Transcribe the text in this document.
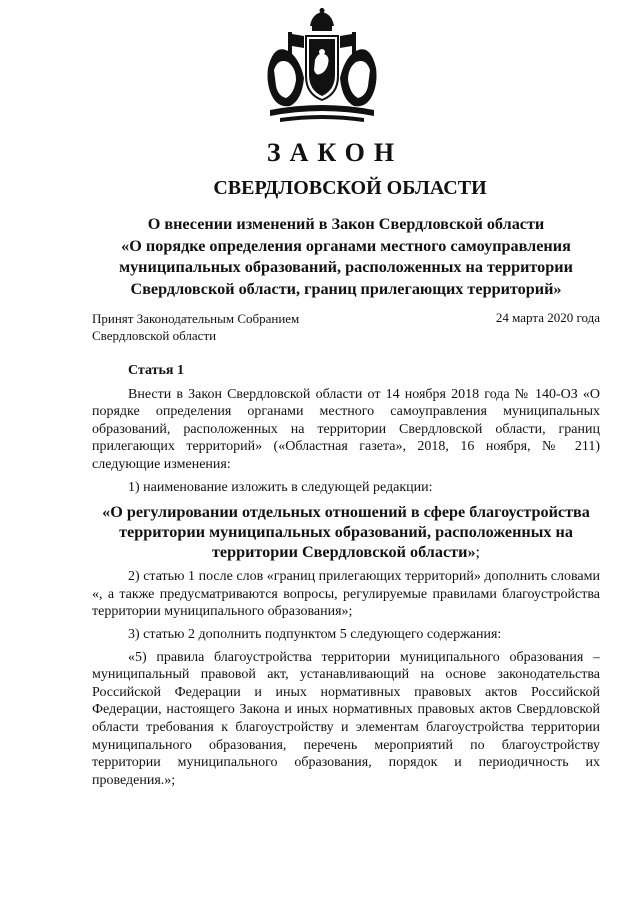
ЗАКОН
СВЕРДЛОВСКОЙ ОБЛАСТИ
О внесении изменений в Закон Свердловской области
«О порядке определения органами местного самоуправления
муниципальных образований, расположенных на территории
Свердловской области, границ прилегающих территорий»
Принят Законодательным Собранием
Свердловской области
24 марта 2020 года

Статья 1

Внести в Закон Свердловской области от 14 ноября 2018 года № 140-ОЗ «О порядке определения органами местного самоуправления муниципальных образований, расположенных на территории Свердловской области, границ прилегающих территорий» («Областная газета», 2018, 16 ноября, № 211) следующие изменения:

1) наименование изложить в следующей редакции:

«О регулировании отдельных отношений в сфере благоустройства территории муниципальных образований, расположенных на территории Свердловской области»;

2) статью 1 после слов «границ прилегающих территорий» дополнить словами «, а также предусматриваются вопросы, регулируемые правилами благоустройства территории муниципального образования»;

3) статью 2 дополнить подпунктом 5 следующего содержания:

«5) правила благоустройства территории муниципального образования – муниципальный правовой акт, устанавливающий на основе законодательства Российской Федерации и иных нормативных правовых актов Российской Федерации, настоящего Закона и иных нормативных правовых актов Свердловской области требования к благоустройству и элементам благоустройства территории муниципального образования, перечень мероприятий по благоустройству территории муниципального образования, порядок и периодичность их проведения.»;
